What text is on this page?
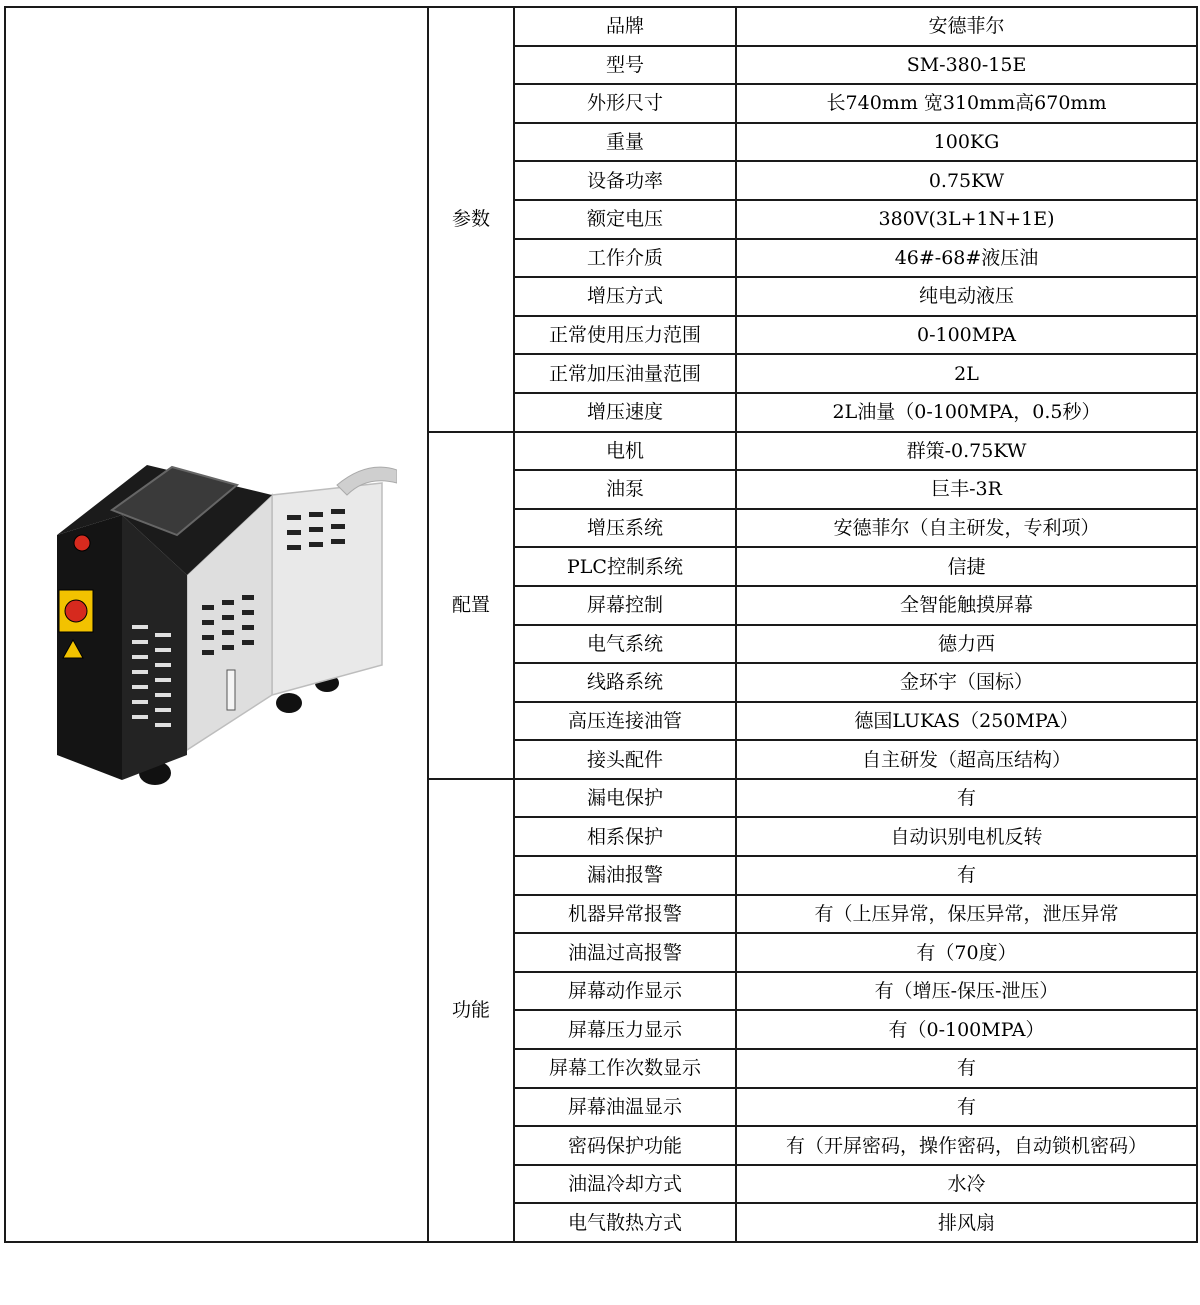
	参数	品牌	安德菲尔
		型号	SM-380-15E
		外形尺寸	长740mm 宽310mm高670mm
		重量	100KG
		设备功率	0.75KW
		额定电压	380V(3L+1N+1E)
		工作介质	46#-68#液压油
		增压方式	纯电动液压
		正常使用压力范围	0-100MPA
		正常加压油量范围	2L
		增压速度	2L油量（0-100MPA，0.5秒）
	配置	电机	群策-0.75KW
		油泵	巨丰-3R
		增压系统	安德菲尔（自主研发，专利项）
		PLC控制系统	信捷
		屏幕控制	全智能触摸屏幕
		电气系统	德力西
		线路系统	金环宇（国标）
		高压连接油管	德国LUKAS（250MPA）
		接头配件	自主研发（超高压结构）
	功能	漏电保护	有
		相系保护	自动识别电机反转
		漏油报警	有
		机器异常报警	有（上压异常，保压异常，泄压异常
		油温过高报警	有（70度）
		屏幕动作显示	有（增压-保压-泄压）
		屏幕压力显示	有（0-100MPA）
		屏幕工作次数显示	有
		屏幕油温显示	有
		密码保护功能	有（开屏密码，操作密码，自动锁机密码）
		油温冷却方式	水冷
		电气散热方式	排风扇
